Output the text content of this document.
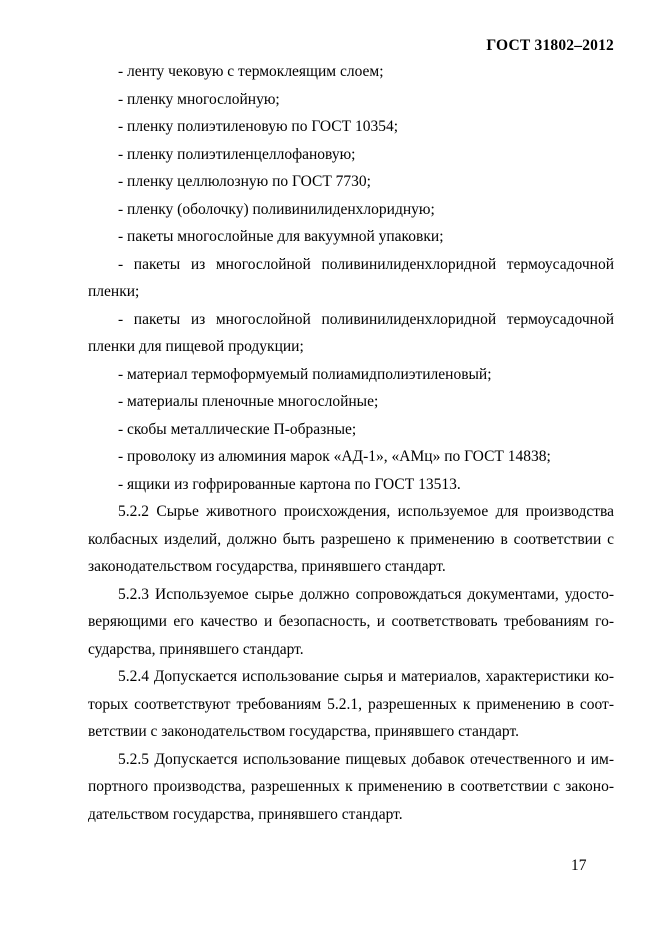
ГОСТ 31802–2012
- ленту чековую с термоклеящим слоем;
- пленку многослойную;
- пленку полиэтиленовую по ГОСТ 10354;
- пленку полиэтиленцеллофановую;
- пленку целлюлозную по ГОСТ 7730;
- пленку (оболочку) поливинилиденхлоридную;
- пакеты многослойные для вакуумной упаковки;
- пакеты из многослойной поливинилиденхлоридной термоусадочной
пленки;
- пакеты из многослойной поливинилиденхлоридной термоусадочной
пленки для пищевой продукции;
- материал термоформуемый полиамидполиэтиленовый;
- материалы пленочные многослойные;
- скобы металлические П-образные;
- проволоку из алюминия марок «АД-1», «АМц» по ГОСТ 14838;
- ящики из гофрированные картона по ГОСТ 13513.
5.2.2 Сырье животного происхождения, используемое для производства
колбасных изделий, должно быть разрешено к применению в соответствии с
законодательством государства, принявшего стандарт.
5.2.3 Используемое сырье должно сопровождаться документами, удосто-
веряющими его качество и безопасность, и соответствовать требованиям го-
сударства, принявшего стандарт.
5.2.4 Допускается использование сырья и материалов, характеристики ко-
торых соответствуют требованиям 5.2.1, разрешенных к применению в соот-
ветствии с законодательством государства, принявшего стандарт.
5.2.5 Допускается использование пищевых добавок отечественного и им-
портного производства, разрешенных к применению в соответствии с законо-
дательством государства, принявшего стандарт.
17
